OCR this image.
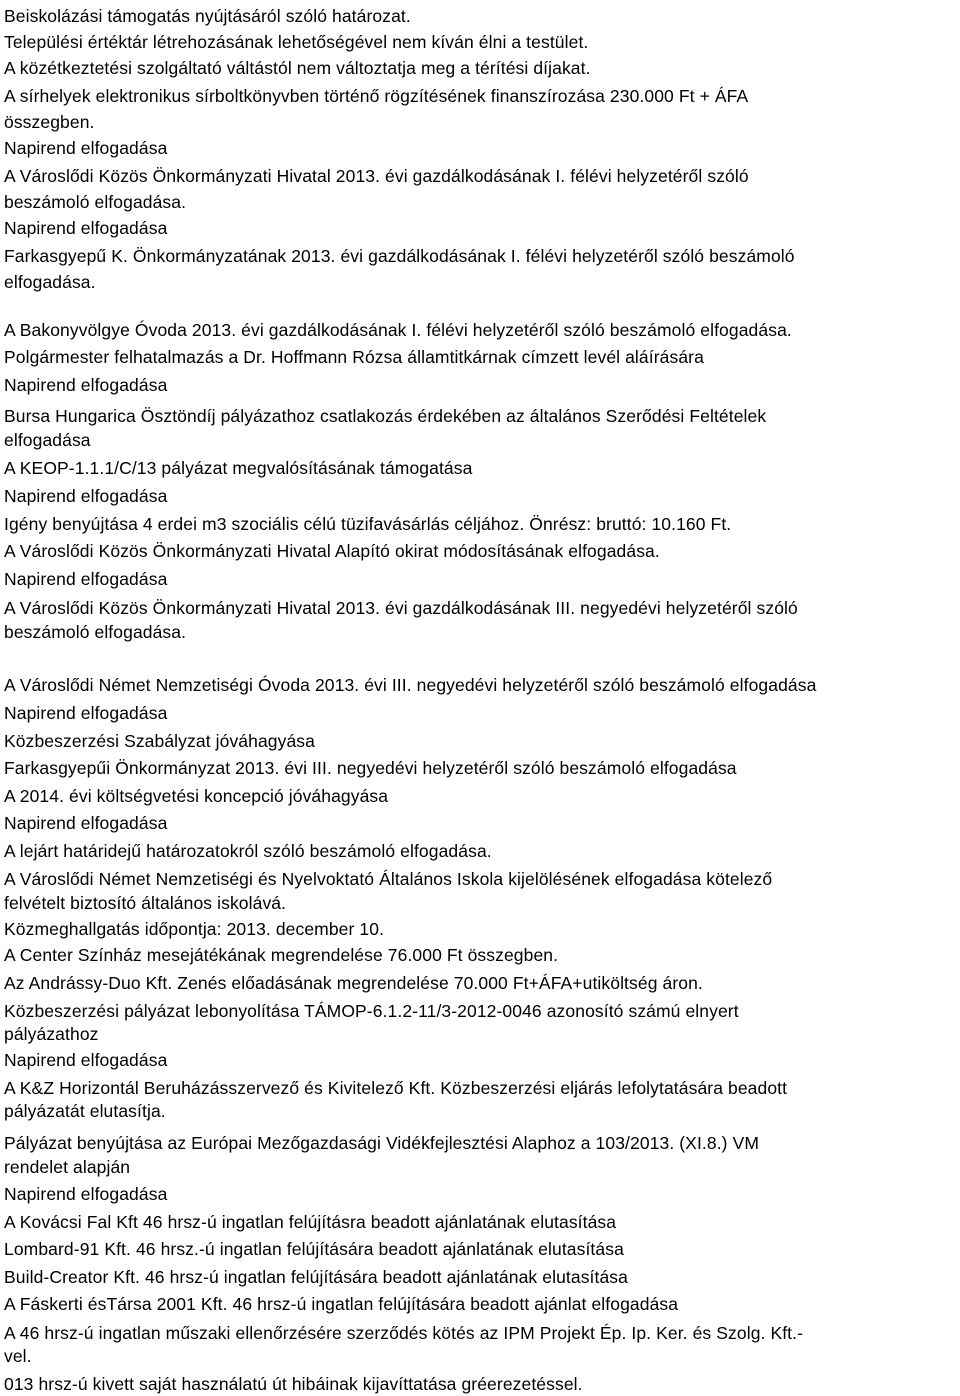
Beiskolázási támogatás nyújtásáról szóló határozat.
Települési értéktár létrehozásának lehetőségével nem kíván élni a testület.
A közétkeztetési szolgáltató váltástól nem változtatja meg a térítési díjakat.
A sírhelyek elektronikus sírboltkönyvben történő rögzítésének finanszírozása 230.000 Ft + ÁFA
összegben.
Napirend elfogadása
A Városlődi Közös Önkormányzati Hivatal 2013. évi gazdálkodásának I. félévi helyzetéről szóló
beszámoló elfogadása.
Napirend elfogadása
Farkasgyepű K. Önkormányzatának 2013. évi gazdálkodásának I. félévi helyzetéről szóló beszámoló
elfogadása.
A Bakonyvölgye Óvoda 2013. évi gazdálkodásának I. félévi helyzetéről szóló beszámoló elfogadása.
Polgármester felhatalmazás a Dr. Hoffmann Rózsa államtitkárnak címzett levél aláírására
Napirend elfogadása
Bursa Hungarica Ösztöndíj pályázathoz csatlakozás érdekében az általános Szerődési Feltételek
elfogadása
A KEOP-1.1.1/C/13 pályázat megvalósításának támogatása
Napirend elfogadása
Igény benyújtása 4 erdei m3 szociális célú tüzifavásárlás céljához. Önrész: bruttó: 10.160 Ft.
A Városlődi Közös Önkormányzati Hivatal Alapító okirat módosításának elfogadása.
Napirend elfogadása
A Városlődi Közös Önkormányzati Hivatal 2013. évi gazdálkodásának III. negyedévi helyzetéről szóló
beszámoló elfogadása.
A Városlődi Német Nemzetiségi Óvoda 2013. évi III. negyedévi helyzetéről szóló beszámoló elfogadása
Napirend elfogadása
Közbeszerzési Szabályzat jóváhagyása
Farkasgyepűi Önkormányzat 2013. évi III. negyedévi helyzetéről szóló beszámoló elfogadása
A 2014. évi költségvetési koncepció jóváhagyása
Napirend elfogadása
A lejárt határidejű határozatokról szóló beszámoló elfogadása.
A Városlődi Német Nemzetiségi és Nyelvoktató Általános Iskola kijelölésének elfogadása kötelező
felvételt biztosító általános iskolává.
Közmeghallgatás időpontja: 2013. december 10.
A Center Színház mesejátékának megrendelése 76.000 Ft összegben.
Az Andrássy-Duo Kft. Zenés előadásának megrendelése 70.000 Ft+ÁFA+utiköltség áron.
Közbeszerzési pályázat lebonyolítása TÁMOP-6.1.2-11/3-2012-0046 azonosító számú elnyert
pályázathoz
Napirend elfogadása
A K&Z Horizontál Beruházásszervező és Kivitelező Kft. Közbeszerzési eljárás lefolytatására beadott
pályázatát elutasítja.
Pályázat benyújtása az Európai Mezőgazdasági Vidékfejlesztési Alaphoz a 103/2013. (XI.8.) VM
rendelet alapján
Napirend elfogadása
A Kovácsi Fal Kft 46 hrsz-ú ingatlan felújításra beadott ajánlatának elutasítása
Lombard-91 Kft. 46 hrsz.-ú ingatlan felújítására beadott ajánlatának elutasítása
Build-Creator Kft. 46 hrsz-ú ingatlan felújítására beadott ajánlatának elutasítása
A Fáskerti ésTársa 2001 Kft. 46 hrsz-ú ingatlan felújítására beadott ajánlat elfogadása
A 46 hrsz-ú ingatlan műszaki ellenőrzésére szerződés kötés az IPM Projekt Ép. Ip. Ker. és Szolg. Kft.-
vel.
013 hrsz-ú kivett saját használatú út hibáinak kijavíttatása gréerezetéssel.
